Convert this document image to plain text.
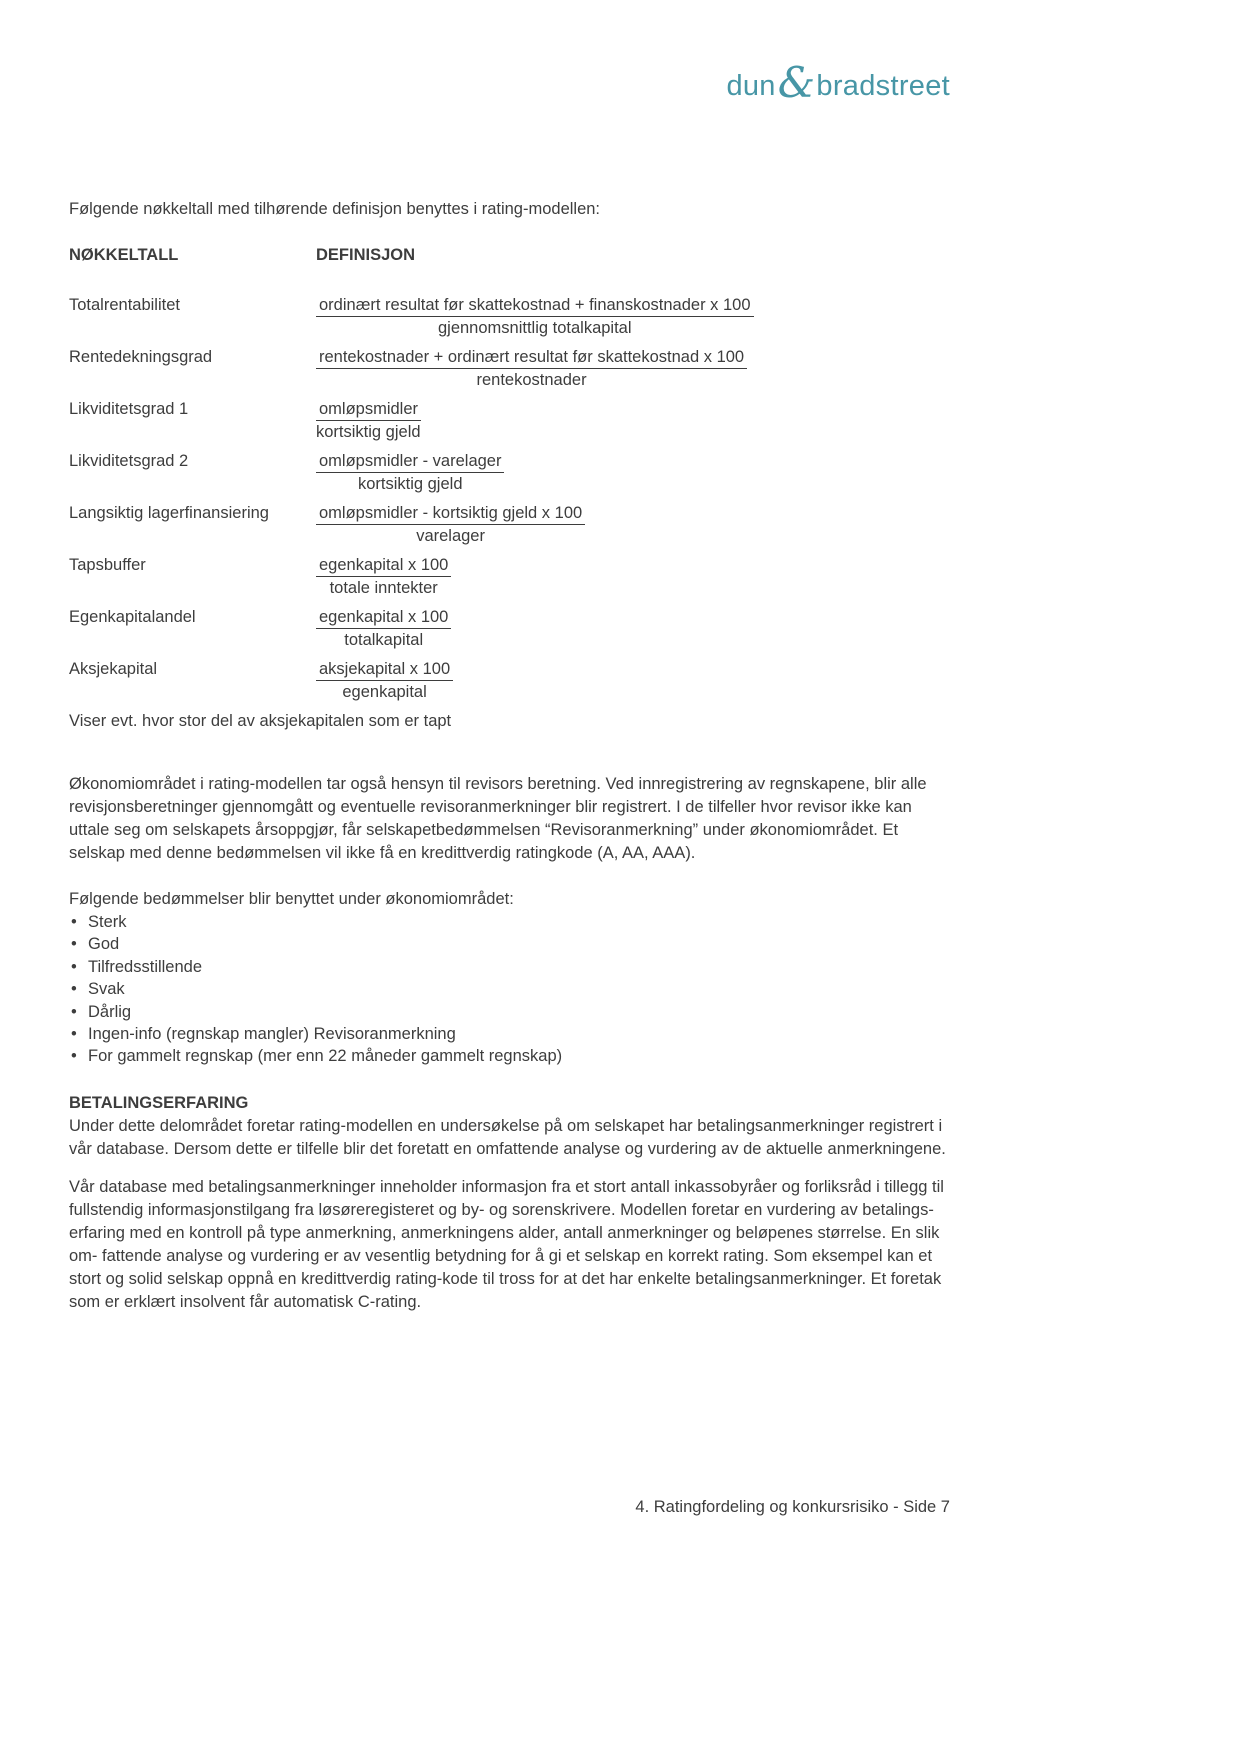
dun & bradstreet

Følgende nøkkeltall med tilhørende definisjon benyttes i rating-modellen:

NØKKELTALL	DEFINISJON
Totalrentabilitet	$\frac{\text{ordinært resultat før skattekostnad + finanskostnader x 100}}{\text{gjennomsnittlig totalkapital}}$
Rentedekningsgrad	$\frac{\text{rentekostnader + ordinært resultat før skattekostnad x 100}}{\text{rentekostnader}}$
Likviditetsgrad 1	$\frac{\text{omløpsmidler}}{\text{kortsiktig gjeld}}$
Likviditetsgrad 2	$\frac{\text{omløpsmidler - varelager}}{\text{kortsiktig gjeld}}$
Langsiktig lagerfinansiering	$\frac{\text{omløpsmidler - kortsiktig gjeld x 100}}{\text{varelager}}$
Tapsbuffer	$\frac{\text{egenkapital x 100}}{\text{totale inntekter}}$
Egenkapitalandel	$\frac{\text{egenkapital x 100}}{\text{totalkapital}}$
Aksjekapital	$\frac{\text{aksjekapital x 100}}{\text{egenkapital}}$

Viser evt. hvor stor del av aksjekapitalen som er tapt

Økonomiområdet i rating-modellen tar også hensyn til revisors beretning. Ved innregistrering av regnskapene, blir alle revisjonsberetninger gjennomgått og eventuelle revisoranmerkninger blir registrert. I de tilfeller hvor revisor ikke kan uttale seg om selskapets årsoppgjør, får selskapetbedømmelsen “Revisoranmerkning” under økonomiområdet. Et selskap med denne bedømmelsen vil ikke få en kredittverdig ratingkode (A, AA, AAA).

Følgende bedømmelser blir benyttet under økonomiområdet:

• Sterk
• God
• Tilfredsstillende
• Svak
• Dårlig
• Ingen-info (regnskap mangler) Revisoranmerkning
• For gammelt regnskap (mer enn 22 måneder gammelt regnskap)

BETALINGSERFARING

Under dette delområdet foretar rating-modellen en undersøkelse på om selskapet har betalingsanmerkninger registrert i vår database. Dersom dette er tilfelle blir det foretatt en omfattende analyse og vurdering av de aktuelle anmerkningene.

Vår database med betalingsanmerkninger inneholder informasjon fra et stort antall inkassobyråer og forliksråd i tillegg til fullstendig informasjonstilgang fra løsøreregisteret og by- og sorenskrivere. Modellen foretar en vurdering av betalings- erfaring med en kontroll på type anmerkning, anmerkningens alder, antall anmerkninger og beløpenes størrelse. En slik om- fattende analyse og vurdering er av vesentlig betydning for å gi et selskap en korrekt rating. Som eksempel kan et stort og solid selskap oppnå en kredittverdig rating-kode til tross for at det har enkelte betalingsanmerkninger. Et foretak som er erklært insolvent får automatisk C-rating.

4. Ratingfordeling og konkursrisiko - Side 7
